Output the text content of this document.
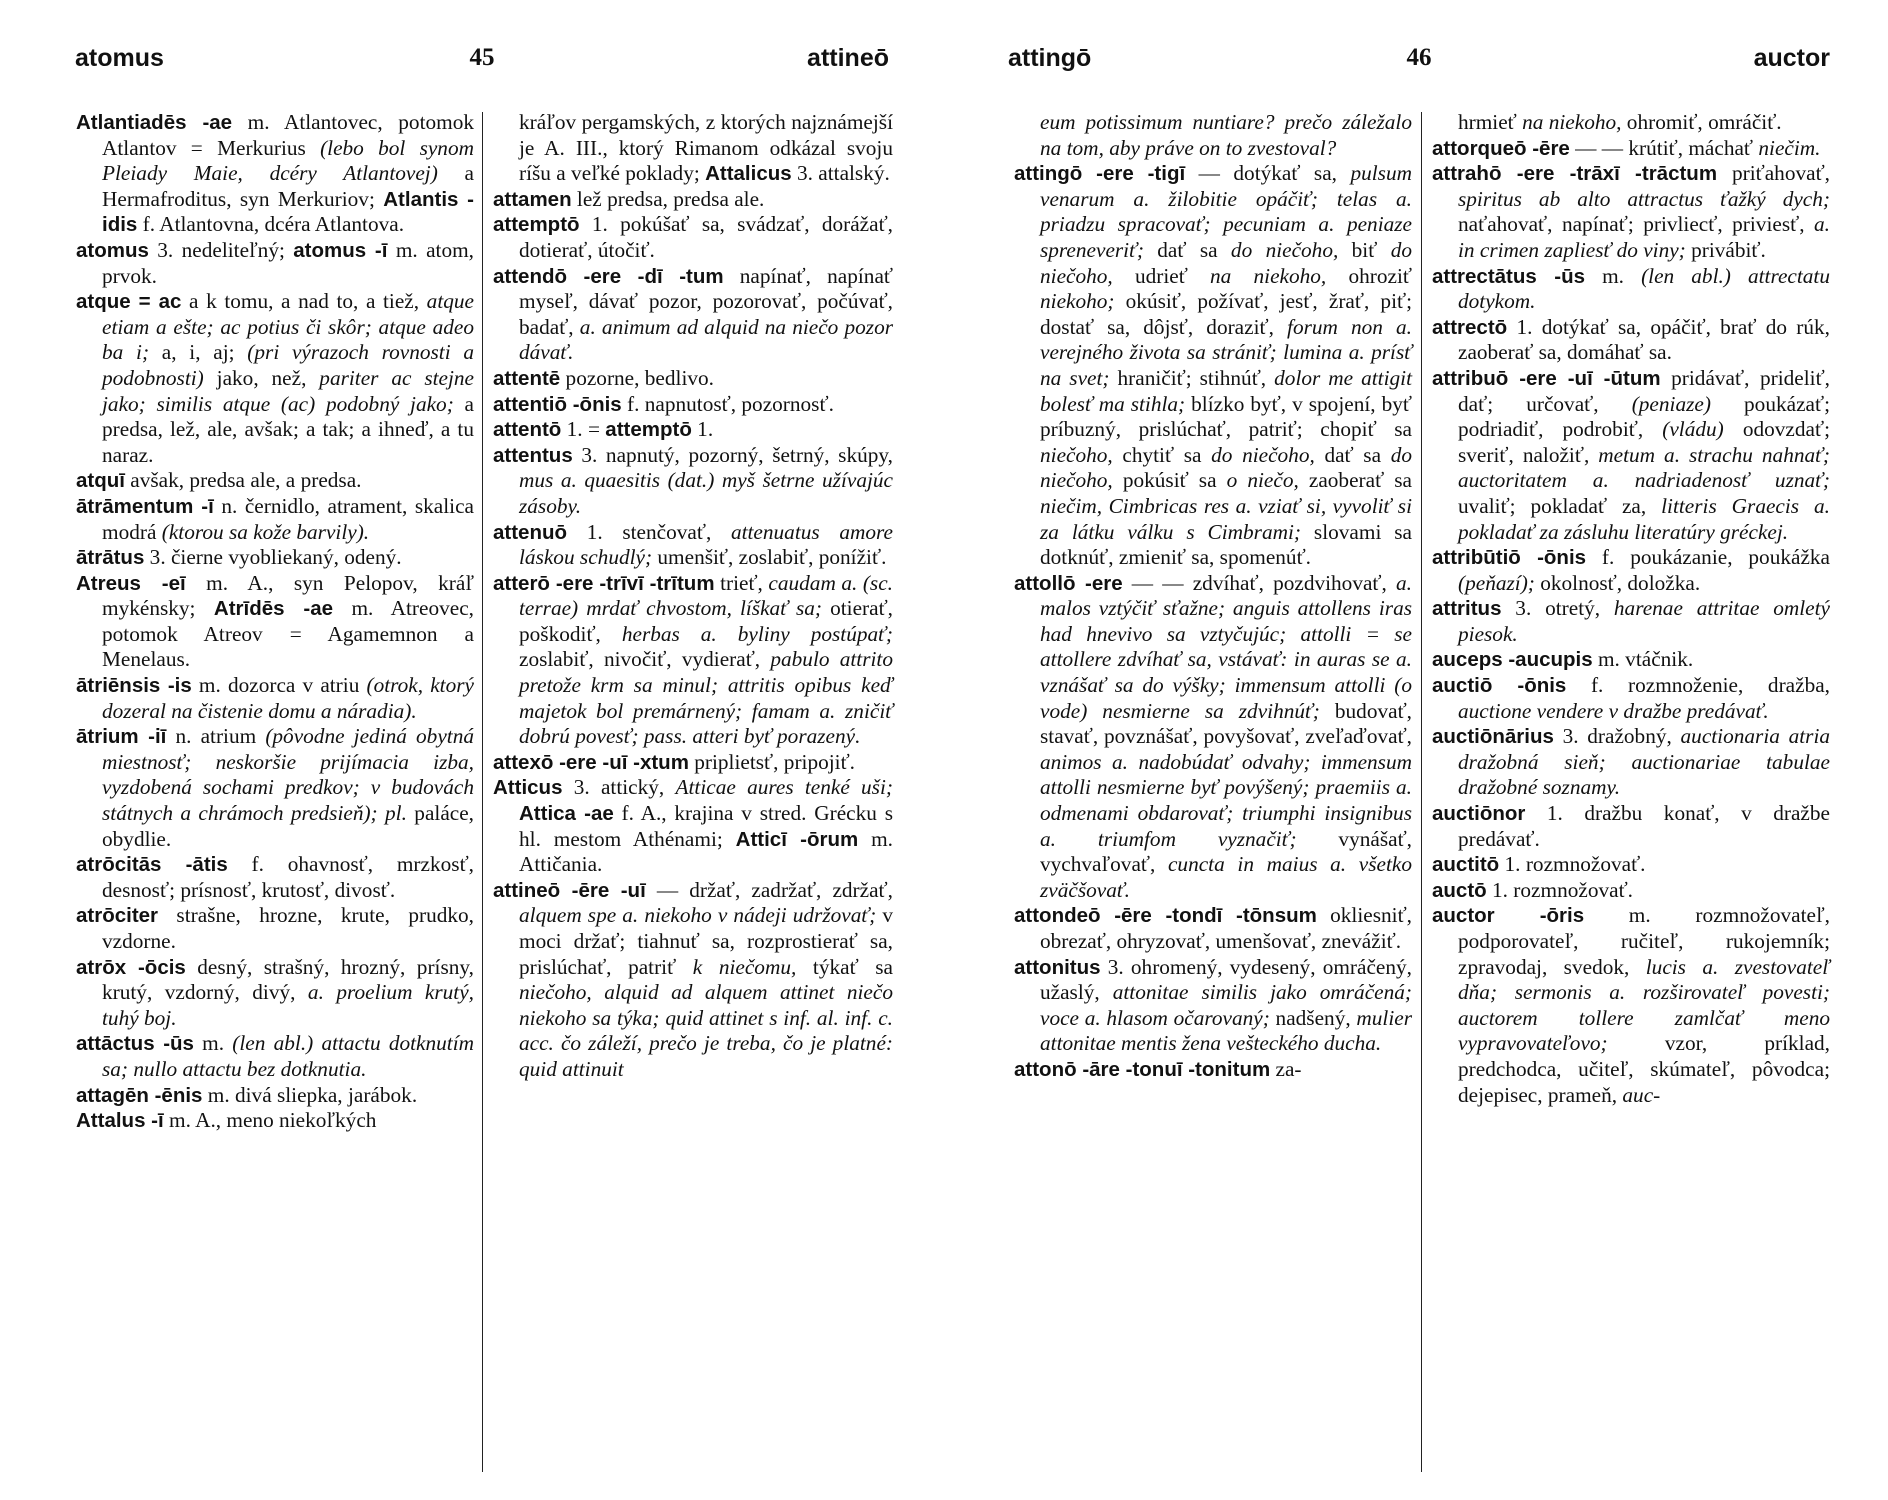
atomus	45	attineō
Atlantiadēs -ae m. Atlantovec, potomok Atlantov = Merkurius (lebo bol synom Pleiady Maie, dcéry Atlantovej) a Hermafroditus, syn Merkuriov; Atlantis -idis f. Atlantovna, dcéra Atlantova.
atomus 3. nedeliteľný; atomus -ī m. atom, prvok.
atque = ac a k tomu, a nad to, a tiež, atque etiam a ešte; ac potius či skôr; atque adeo ba i; a, i, aj; (pri výrazoch rovnosti a podobnosti) jako, než, pariter ac stejne jako; similis atque (ac) podobný jako; a predsa, lež, ale, avšak; a tak; a ihneď, a tu naraz.
atquī avšak, predsa ale, a predsa.
ātrāmentum -ī n. černidlo, atrament, skalica modrá (ktorou sa kože barvily).
ātrātus 3. čierne vyobliekaný, odený.
Atreus -eī m. A., syn Pelopov, kráľ mykénsky; Atrīdēs -ae m. Atreovec, potomok Atreov = Agamemnon a Menelaus.
ātriēnsis -is m. dozorca v atriu (otrok, ktorý dozeral na čistenie domu a náradia).
ātrium -iī n. atrium (pôvodne jediná obytná miestnosť; neskoršie prijímacia izba, vyzdobená sochami predkov; v budovách státnych a chrámoch predsieň); pl. paláce, obydlie.
atrōcitās -ātis f. ohavnosť, mrzkosť, desnosť; prísnosť, krutosť, divosť.
atrōciter strašne, hrozne, krute, prudko, vzdorne.
atrōx -ōcis desný, strašný, hrozný, prísny, krutý, vzdorný, divý, a. proelium krutý, tuhý boj.
attāctus -ūs m. (len abl.) attactu dotknutím sa; nullo attactu bez dotknutia.
attagēn -ēnis m. divá sliepka, jarábok.
Attalus -ī m. A., meno niekoľkých
kráľov pergamských, z ktorých najznámejší je A. III., ktorý Rimanom odkázal svoju ríšu a veľké poklady; Attalicus 3. attalský.
attamen lež predsa, predsa ale.
attemptō 1. pokúšať sa, svádzať, dorážať, dotierať, útočiť.
attendō -ere -dī -tum napínať, napínať myseľ, dávať pozor, pozorovať, počúvať, badať, a. animum ad alquid na niečo pozor dávať.
attentē pozorne, bedlivo.
attentiō -ōnis f. napnutosť, pozornosť.
attentō 1. = attemptō 1.
attentus 3. napnutý, pozorný, šetrný, skúpy, mus a. quaesitis (dat.) myš šetrne užívajúc zásoby.
attenuō 1. stenčovať, attenuatus amore láskou schudlý; umenšiť, zoslabiť, ponížiť.
atterō -ere -trīvī -trītum trieť, caudam a. (sc. terrae) mrdať chvostom, líškať sa; otierať, poškodiť, herbas a. byliny postúpať; zoslabiť, nivočiť, vydierať, pabulo attrito pretože krm sa minul; attritis opibus keď majetok bol premárnený; famam a. zničiť dobrú povesť; pass. atteri byť porazený.
attexō -ere -uī -xtum priplietsť, pripojiť.
Atticus 3. attický, Atticae aures tenké uši; Attica -ae f. A., krajina v stred. Grécku s hl. mestom Athénami; Atticī -ōrum m. Attičania.
attineō -ēre -uī — držať, zadržať, zdržať, alquem spe a. niekoho v nádeji udržovať; v moci držať; tiahnuť sa, rozprostierať sa, prislúchať, patriť k niečomu, týkať sa niečoho, alquid ad alquem attinet niečo niekoho sa týka; quid attinet s inf. al. inf. c. acc. čo záleží, prečo je treba, čo je platné: quid attinuit
attingō	46	auctor
eum potissimum nuntiare? prečo záležalo na tom, aby práve on to zvestoval?
attingō -ere -tigī — dotýkať sa, pulsum venarum a. žilobitie opáčiť; telas a. priadzu spracovať; pecuniam a. peniaze spreneveriť; dať sa do niečoho, biť do niečoho, udrieť na niekoho, ohroziť niekoho; okúsiť, požívať, jesť, žrať, piť; dostať sa, dôjsť, doraziť, forum non a. verejného života sa strániť; lumina a. prísť na svet; hraničiť; stihnúť, dolor me attigit bolesť ma stihla; blízko byť, v spojení, byť príbuzný, prislúchať, patriť; chopiť sa niečoho, chytiť sa do niečoho, dať sa do niečoho, pokúsiť sa o niečo, zaoberať sa niečim, Cimbricas res a. vziať si, vyvoliť si za látku válku s Cimbrami; slovami sa dotknúť, zmieniť sa, spomenúť.
attollō -ere — — zdvíhať, pozdvihovať, a. malos vztýčiť sťažne; anguis attollens iras had hnevivo sa vztyčujúc; attolli = se attollere zdvíhať sa, vstávať: in auras se a. vznášať sa do výšky; immensum attolli (o vode) nesmierne sa zdvihnúť; budovať, stavať, povznášať, povyšovať, zveľaďovať, animos a. nadobúdať odvahy; immensum attolli nesmierne byť povýšený; praemiis a. odmenami obdarovať; triumphi insignibus a. triumfom vyznačiť; vynášať, vychvaľovať, cuncta in maius a. všetko zväčšovať.
attondeō -ēre -tondī -tōnsum okliesniť, obrezať, ohryzovať, umenšovať, znevážiť.
attonitus 3. ohromený, vydesený, omráčený, užaslý, attonitae similis jako omráčená; voce a. hlasom očarovaný; nadšený, mulier attonitae mentis žena vešteckého ducha.
attonō -āre -tonuī -tonitum za-
hrmieť na niekoho, ohromiť, omráčiť.
attorqueō -ēre — — krútiť, máchať niečim.
attrahō -ere -trāxī -trāctum priťahovať, spiritus ab alto attractus ťažký dych; naťahovať, napínať; privliecť, priviesť, a. in crimen zapliesť do viny; privábiť.
attrectātus -ūs m. (len abl.) attrectatu dotykom.
attrectō 1. dotýkať sa, opáčiť, brať do rúk, zaoberať sa, domáhať sa.
attribuō -ere -uī -ūtum pridávať, prideliť, dať; určovať, (peniaze) poukázať; podriadiť, podrobiť, (vládu) odovzdať; sveriť, naložiť, metum a. strachu nahnať; auctoritatem a. nadriadenosť uznať; uvaliť; pokladať za, litteris Graecis a. pokladať za zásluhu literatúry gréckej.
attribūtiō -ōnis f. poukázanie, poukážka (peňazí); okolnosť, doložka.
attritus 3. otretý, harenae attritae omletý piesok.
auceps -aucupis m. vtáčnik.
auctiō -ōnis f. rozmnoženie, dražba, auctione vendere v dražbe predávať.
auctiōnārius 3. dražobný, auctionaria atria dražobná sieň; auctionariae tabulae dražobné soznamy.
auctiōnor 1. dražbu konať, v dražbe predávať.
auctitō 1. rozmnožovať.
auctō 1. rozmnožovať.
auctor -ōris m. rozmnožovateľ, podporovateľ, ručiteľ, rukojemník; zpravodaj, svedok, lucis a. zvestovateľ dňa; sermonis a. rozširovateľ povesti; auctorem tollere zamlčať meno vypravovateľovo; vzor, príklad, predchodca, učiteľ, skúmateľ, pôvodca; dejepisec, prameň, auc-
